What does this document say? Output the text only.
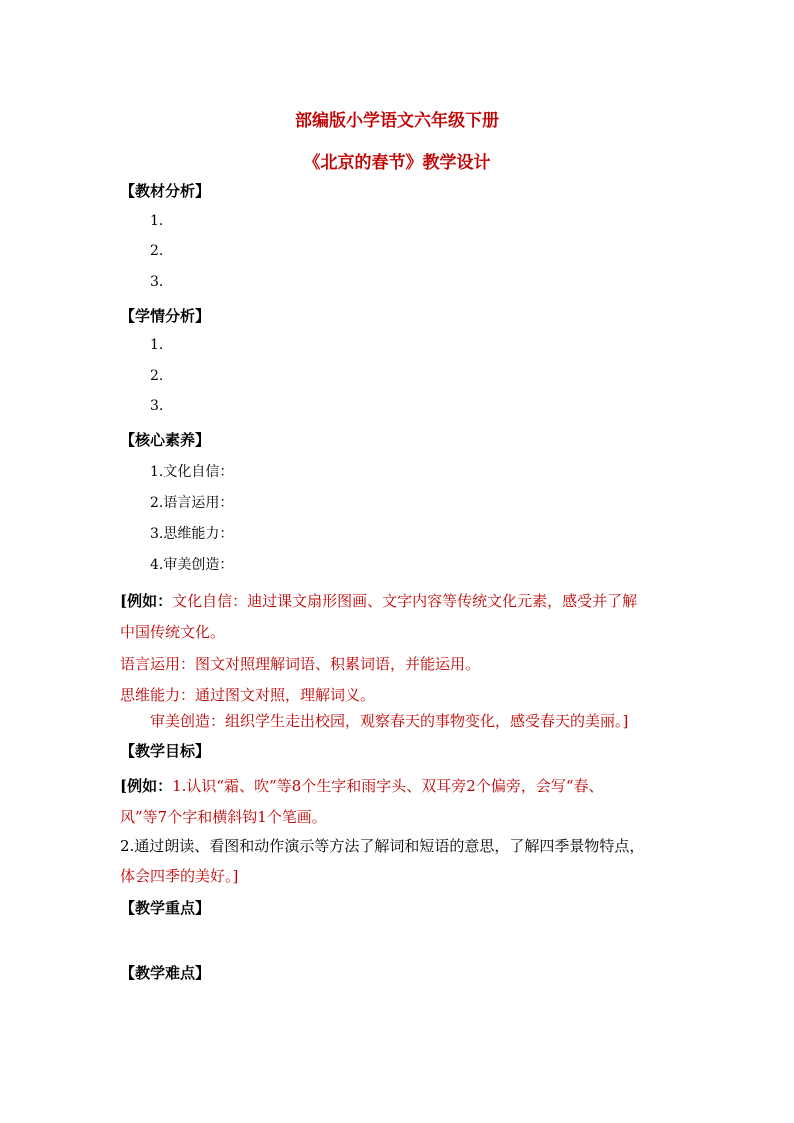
部编版小学语文六年级下册
《北京的春节》教学设计
【教材分析】
1.
2.
3.
【学情分析】
1.
2.
3.
【核心素养】
1.文化自信：
2.语言运用：
3.思维能力：
4.审美创造：
[例如：文化自信：迪过课文扇形图画、文字内容等传统文化元素，感受并了解
中国传统文化。
语言运用：图文对照理解词语、积累词语，并能运用。
思维能力：通过图文对照，理解词义。
审美创造：组织学生走出校园，观察春天的事物变化，感受春天的美丽。]
【教学目标】
[例如：1.认识“霜、吹”等8个生字和雨字头、双耳旁2个偏旁，会写“春、
风”等7个字和横斜钩1个笔画。
2.通过朗读、看图和动作演示等方法了解词和短语的意思，了解四季景物特点，
体会四季的美好。]
【教学重点】
【教学难点】
